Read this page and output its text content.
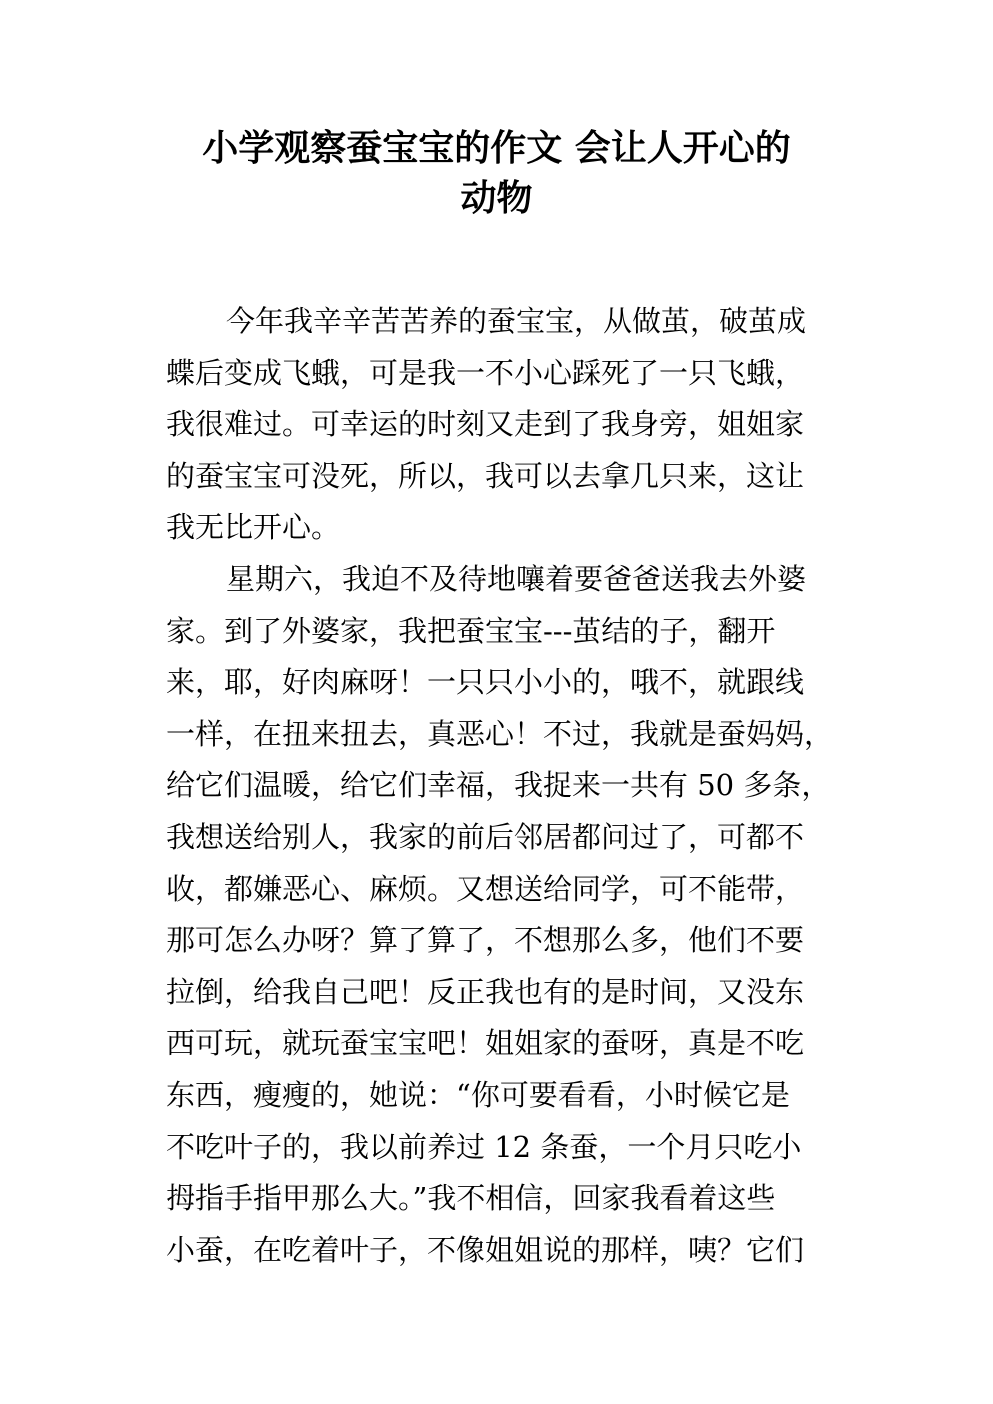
小学观察蚕宝宝的作文 会让人开心的
动物
今年我辛辛苦苦养的蚕宝宝，从做茧，破茧成
蝶后变成飞蛾，可是我一不小心踩死了一只飞蛾，
我很难过。可幸运的时刻又走到了我身旁，姐姐家
的蚕宝宝可没死，所以，我可以去拿几只来，这让
我无比开心。
星期六，我迫不及待地嚷着要爸爸送我去外婆
家。到了外婆家，我把蚕宝宝---茧结的子，翻开
来，耶，好肉麻呀！一只只小小的，哦不，就跟线
一样，在扭来扭去，真恶心！不过，我就是蚕妈妈，
给它们温暖，给它们幸福，我捉来一共有 50 多条，
我想送给别人，我家的前后邻居都问过了，可都不
收，都嫌恶心、麻烦。又想送给同学，可不能带，
那可怎么办呀？算了算了，不想那么多，他们不要
拉倒，给我自己吧！反正我也有的是时间，又没东
西可玩，就玩蚕宝宝吧！姐姐家的蚕呀，真是不吃
东西，瘦瘦的，她说：“你可要看看，小时候它是
不吃叶子的，我以前养过 12 条蚕，一个月只吃小
拇指手指甲那么大。”我不相信，回家我看着这些
小蚕，在吃着叶子，不像姐姐说的那样，咦？它们
